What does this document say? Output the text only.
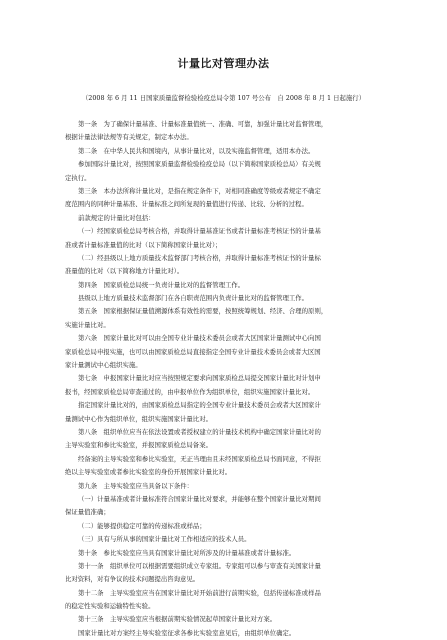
计量比对管理办法
（2008 年 6 月 11 日国家质量监督检验检疫总局令第 107 号公布　自 2008 年 8 月 1 日起施行）
第一条　为了确保计量基准、计量标准量值统一、准确、可靠，加强计量比对监督管理，
根据计量法律法规等有关规定，制定本办法。
第二条　在中华人民共和国境内，从事计量比对，以及实施监督管理，适用本办法。
参加国际计量比对，按照国家质量监督检验检疫总局（以下简称国家质检总局）有关规
定执行。
第三条　本办法所称计量比对，是指在规定条件下，对相同准确度等级或者规定不确定
度范围内的同种计量基准、计量标准之间所复现的量值进行传递、比较、分析的过程。
前款规定的计量比对包括：
（一）经国家质检总局考核合格，并取得计量基准证书或者计量标准考核证书的计量基
准或者计量标准量值的比对（以下简称国家计量比对）；
（二）经县级以上地方质量技术监督部门考核合格，并取得计量标准考核证书的计量标
准量值的比对（以下简称地方计量比对）。
第四条　国家质检总局统一负责计量比对的监督管理工作。
县级以上地方质量技术监督部门在各自职责范围内负责计量比对的监督管理工作。
第五条　国家根据保证量值溯源体系有效性的需要，按照统筹规划、经济、合理的原则，
实施计量比对。
第六条　国家计量比对可以由全国专业计量技术委员会或者大区国家计量测试中心向国
家质检总局申报实施，也可以由国家质检总局直接指定全国专业计量技术委员会或者大区国
家计量测试中心组织实施。
第七条　申报国家计量比对应当按照规定要求向国家质检总局提交国家计量比对计划申
报书，经国家质检总局审查通过的，由申报单位作为组织单位，组织实施国家计量比对。
指定国家计量比对的，由国家质检总局指定的全国专业计量技术委员会或者大区国家计
量测试中心作为组织单位，组织实施国家计量比对。
第八条　组织单位应当在依法设置或者授权建立的计量技术机构中确定国家计量比对的
主导实验室和参比实验室，并报国家质检总局备案。
经备案的主导实验室和参比实验室，无正当理由且未经国家质检总局书面同意，不得拒
绝以主导实验室或者参比实验室的身份开展国家计量比对。
第九条　主导实验室应当具备以下条件：
（一）计量基准或者计量标准符合国家计量比对要求，并能够在整个国家计量比对期间
保证量值准确；
（二）能够提供稳定可靠的传递标准或样品；
（三）具有与所从事的国家计量比对工作相适应的技术人员。
第十条　参比实验室应当具有国家计量比对所涉及的计量基准或者计量标准。
第十一条　组织单位可以根据需要组织成立专家组。专家组可以参与审查有关国家计量
比对资料，对有争议的技术问题提出咨询意见。
第十二条　主导实验室应当在国家计量比对开始前进行前期实验，包括传递标准或样品
的稳定性实验和运输特性实验。
第十三条　主导实验室应当根据前期实验情况起草国家计量比对方案。
国家计量比对方案经主导实验室征求各参比实验室意见后，由组织单位确定。
